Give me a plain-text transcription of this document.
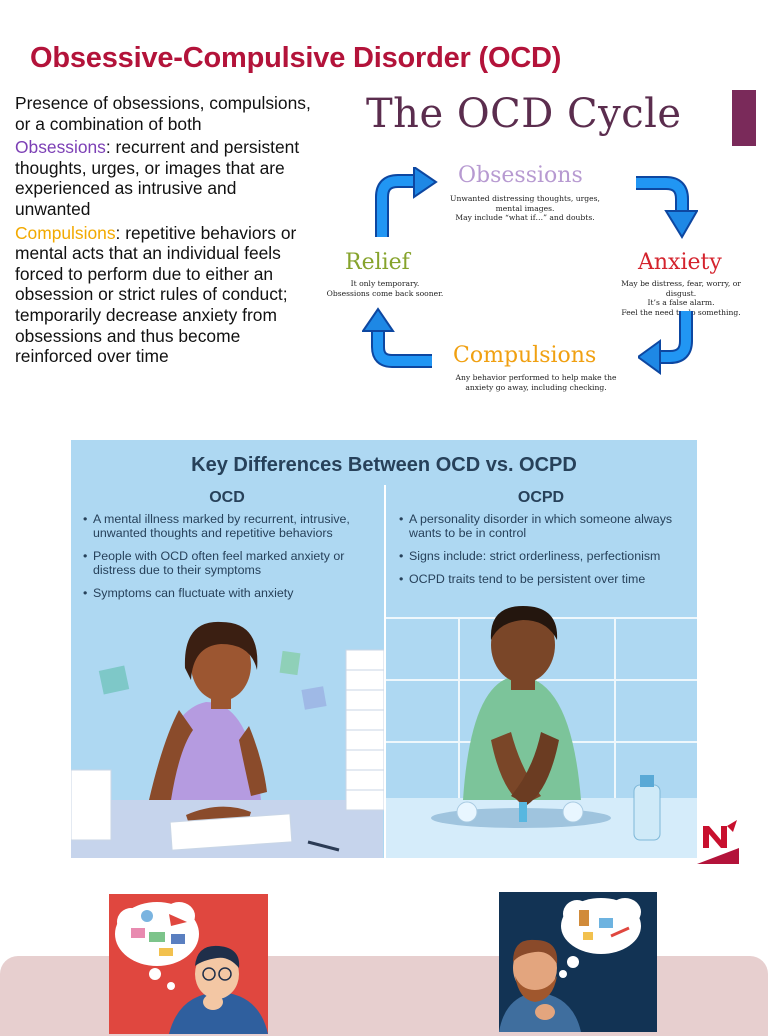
Obsessive-Compulsive Disorder (OCD)

Presence of obsessions, compulsions, or a combination of both

Obsessions: recurrent and persistent thoughts, urges, or images that are experienced as intrusive and unwanted

Compulsions: repetitive behaviors or mental acts that an individual feels forced to perform due to either an obsession or strict rules of conduct; temporarily decrease anxiety from obsessions and thus become reinforced over time

The OCD Cycle
Obsessions
Unwanted distressing thoughts, urges,
mental images.
May include “what if…” and doubts.
Anxiety
May be distress, fear, worry, or disgust.
It’s a false alarm.
Feel the need to do something.
Compulsions
Any behavior performed to help make the
anxiety go away, including checking.
Relief
It only temporary.
Obsessions come back sooner.
Key Differences Between OCD vs. OCPD
OCD
• A mental illness marked by recurrent, intrusive, unwanted thoughts and repetitive behaviors
• People with OCD often feel marked anxiety or distress due to their symptoms
• Symptoms can fluctuate with anxiety
OCPD
• A personality disorder in which someone always wants to be in control
• Signs include: strict orderliness, perfectionism
• OCPD traits tend to be persistent over time
